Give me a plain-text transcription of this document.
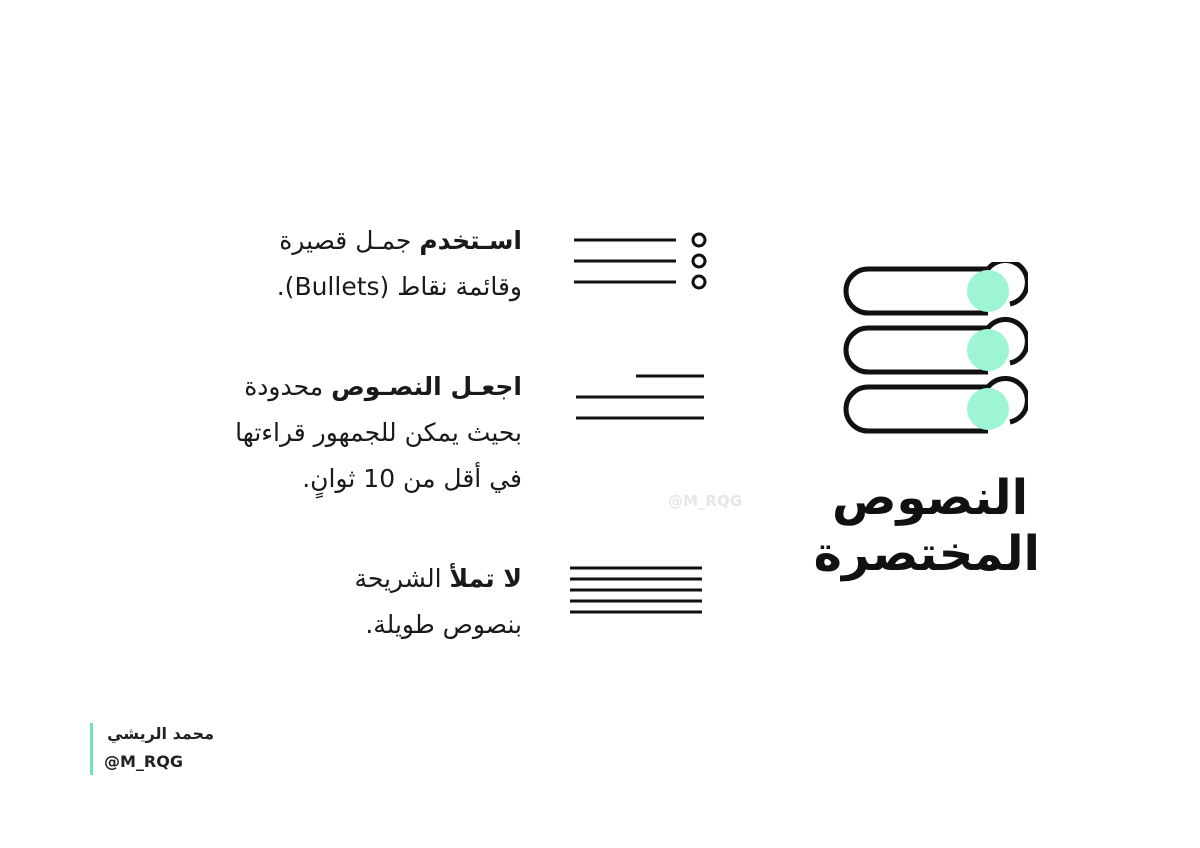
النصوص
المختصرة
@M_RQG
اسـتخدم جمـل قصيرة
وقائمة نقاط (Bullets).
اجعـل النصـوص محدودة
بحيث يمكن للجمهور قراءتها
في أقل من 10 ثوانٍ.
لا تملأ الشريحة
بنصوص طويلة.
محمد الريشي
@M_RQG
